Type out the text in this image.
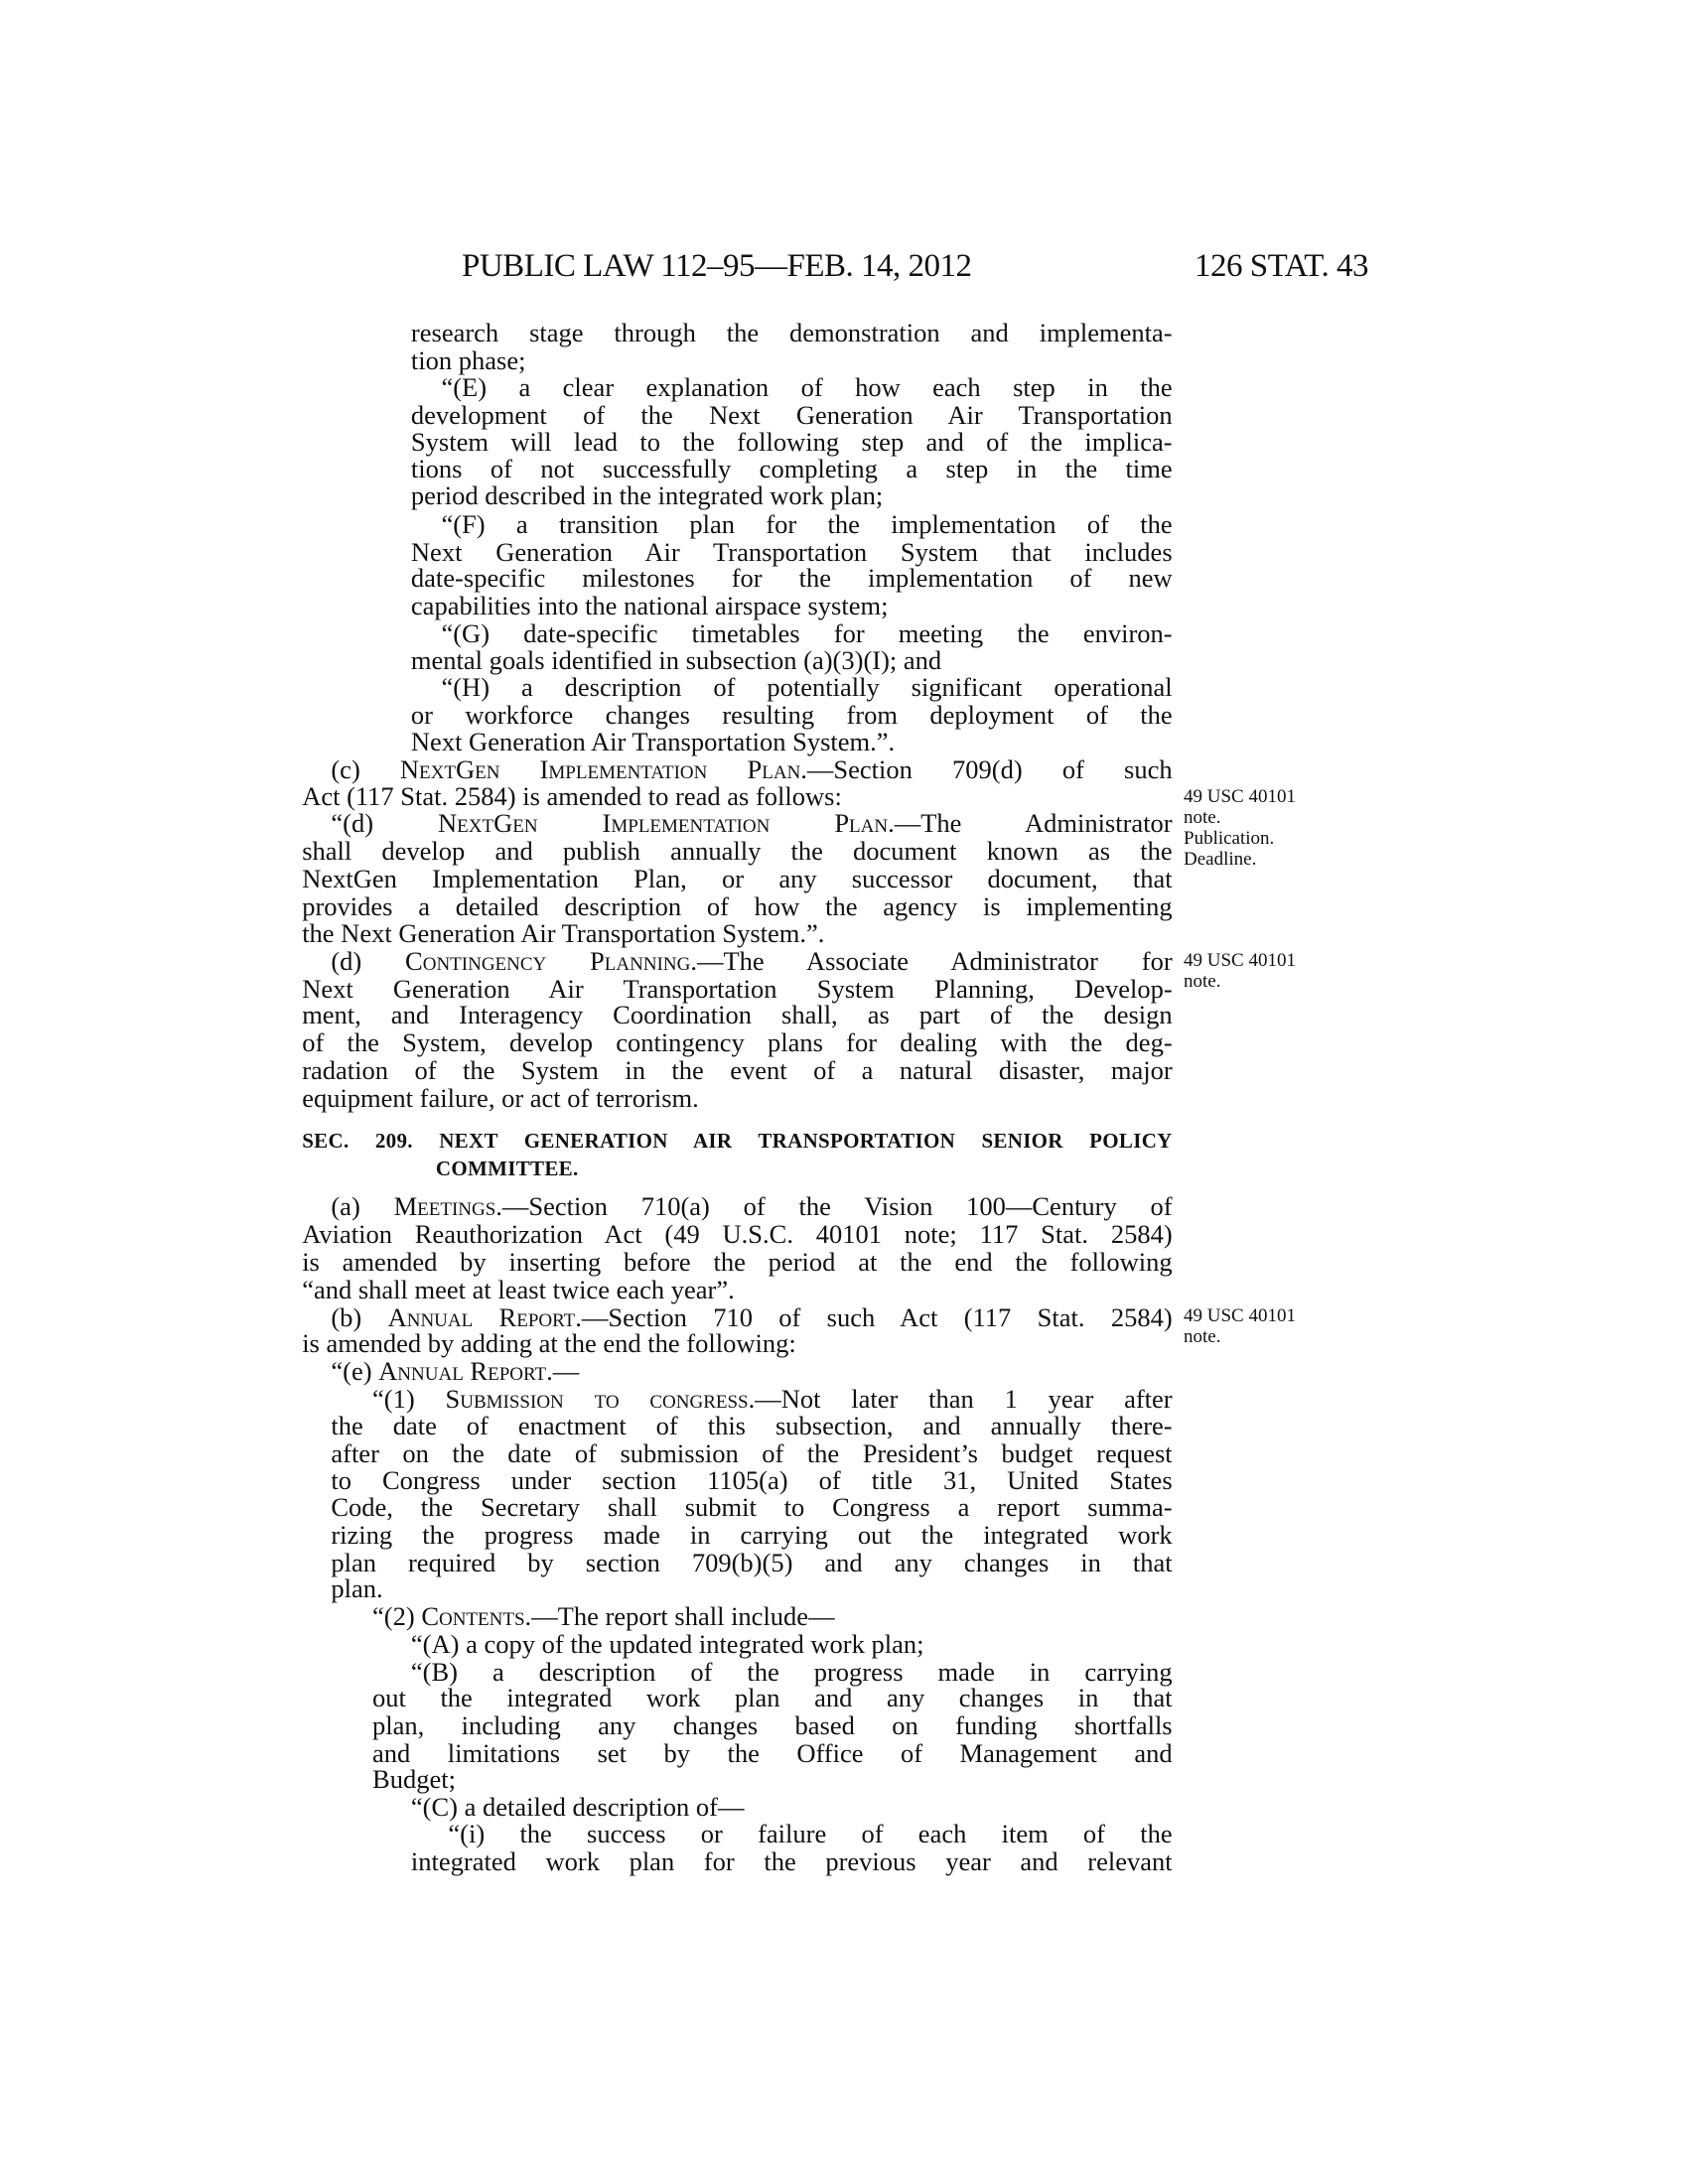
PUBLIC LAW 112–95—FEB. 14, 2012	126 STAT. 43
research stage through the demonstration and implementa-
tion phase;
“(E) a clear explanation of how each step in the
development of the Next Generation Air Transportation
System will lead to the following step and of the implica-
tions of not successfully completing a step in the time
period described in the integrated work plan;
“(F) a transition plan for the implementation of the
Next Generation Air Transportation System that includes
date-specific milestones for the implementation of new
capabilities into the national airspace system;
“(G) date-specific timetables for meeting the environ-
mental goals identified in subsection (a)(3)(I); and
“(H) a description of potentially significant operational
or workforce changes resulting from deployment of the
Next Generation Air Transportation System.”.
(c) NextGen Implementation Plan.—Section 709(d) of such
Act (117 Stat. 2584) is amended to read as follows:
“(d) NextGen Implementation Plan.—The Administrator
shall develop and publish annually the document known as the
NextGen Implementation Plan, or any successor document, that
provides a detailed description of how the agency is implementing
the Next Generation Air Transportation System.”.
(d) Contingency Planning.—The Associate Administrator for
Next Generation Air Transportation System Planning, Develop-
ment, and Interagency Coordination shall, as part of the design
of the System, develop contingency plans for dealing with the deg-
radation of the System in the event of a natural disaster, major
equipment failure, or act of terrorism.
SEC. 209. NEXT GENERATION AIR TRANSPORTATION SENIOR POLICY
COMMITTEE.
(a) Meetings.—Section 710(a) of the Vision 100—Century of
Aviation Reauthorization Act (49 U.S.C. 40101 note; 117 Stat. 2584)
is amended by inserting before the period at the end the following
“and shall meet at least twice each year”.
(b) Annual Report.—Section 710 of such Act (117 Stat. 2584)
is amended by adding at the end the following:
“(e) Annual Report.—
“(1) Submission to congress.—Not later than 1 year after
the date of enactment of this subsection, and annually there-
after on the date of submission of the President’s budget request
to Congress under section 1105(a) of title 31, United States
Code, the Secretary shall submit to Congress a report summa-
rizing the progress made in carrying out the integrated work
plan required by section 709(b)(5) and any changes in that
plan.
“(2) Contents.—The report shall include—
“(A) a copy of the updated integrated work plan;
“(B) a description of the progress made in carrying
out the integrated work plan and any changes in that
plan, including any changes based on funding shortfalls
and limitations set by the Office of Management and
Budget;
“(C) a detailed description of—
“(i) the success or failure of each item of the
integrated work plan for the previous year and relevant
49 USC 40101
note.
Publication.
Deadline.
49 USC 40101
note.
49 USC 40101
note.
